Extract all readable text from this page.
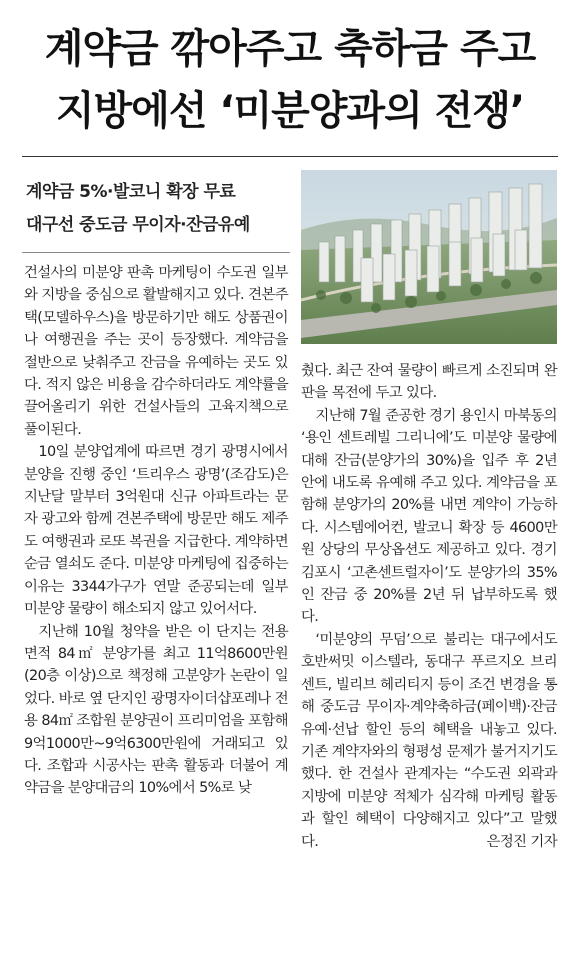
계약금 깎아주고 축하금 주고
지방에선 ‘미분양과의 전쟁’
계약금 5%·발코니 확장 무료
대구선 중도금 무이자·잔금유예

건설사의 미분양 판촉 마케팅이 수도권 일부와 지방을 중심으로 활발해지고 있다. 견본주택(모델하우스)을 방문하기만 해도 상품권이나 여행권을 주는 곳이 등장했다. 계약금을 절반으로 낮춰주고 잔금을 유예하는 곳도 있다. 적지 않은 비용을 감수하더라도 계약률을 끌어올리기 위한 건설사들의 고육지책으로 풀이된다.

10일 분양업계에 따르면 경기 광명시에서 분양을 진행 중인 ‘트리우스 광명’(조감도)은 지난달 말부터 3억원대 신규 아파트라는 문자 광고와 함께 견본주택에 방문만 해도 제주도 여행권과 로또 복권을 지급한다. 계약하면 순금 열쇠도 준다. 미분양 마케팅에 집중하는 이유는 3344가구가 연말 준공되는데 일부 미분양 물량이 해소되지 않고 있어서다.

지난해 10월 청약을 받은 이 단지는 전용면적 84㎡ 분양가를 최고 11억8600만원(20층 이상)으로 책정해 고분양가 논란이 일었다. 바로 옆 단지인 광명자이더샵포레나 전용 84㎡ 조합원 분양권이 프리미엄을 포함해 9억1000만~9억6300만원에 거래되고 있다. 조합과 시공사는 판촉 활동과 더불어 계약금을 분양대금의 10%에서 5%로 낮

췄다. 최근 잔여 물량이 빠르게 소진되며 완판을 목전에 두고 있다.

지난해 7월 준공한 경기 용인시 마북동의 ‘용인 센트레빌 그리니에’도 미분양 물량에 대해 잔금(분양가의 30%)을 입주 후 2년 안에 내도록 유예해 주고 있다. 계약금을 포함해 분양가의 20%를 내면 계약이 가능하다. 시스템에어컨, 발코니 확장 등 4600만원 상당의 무상옵션도 제공하고 있다. 경기 김포시 ‘고촌센트럴자이’도 분양가의 35%인 잔금 중 20%를 2년 뒤 납부하도록 했다.

‘미분양의 무덤’으로 불리는 대구에서도 호반써밋 이스텔라, 동대구 푸르지오 브리센트, 빌리브 헤리티지 등이 조건 변경을 통해 중도금 무이자·계약축하금(페이백)·잔금 유예·선납 할인 등의 혜택을 내놓고 있다. 기존 계약자와의 형평성 문제가 불거지기도 했다. 한 건설사 관계자는 “수도권 외곽과 지방에 미분양 적체가 심각해 마케팅 활동과 할인 혜택이 다양해지고 있다”고 말했다.	은정진 기자
